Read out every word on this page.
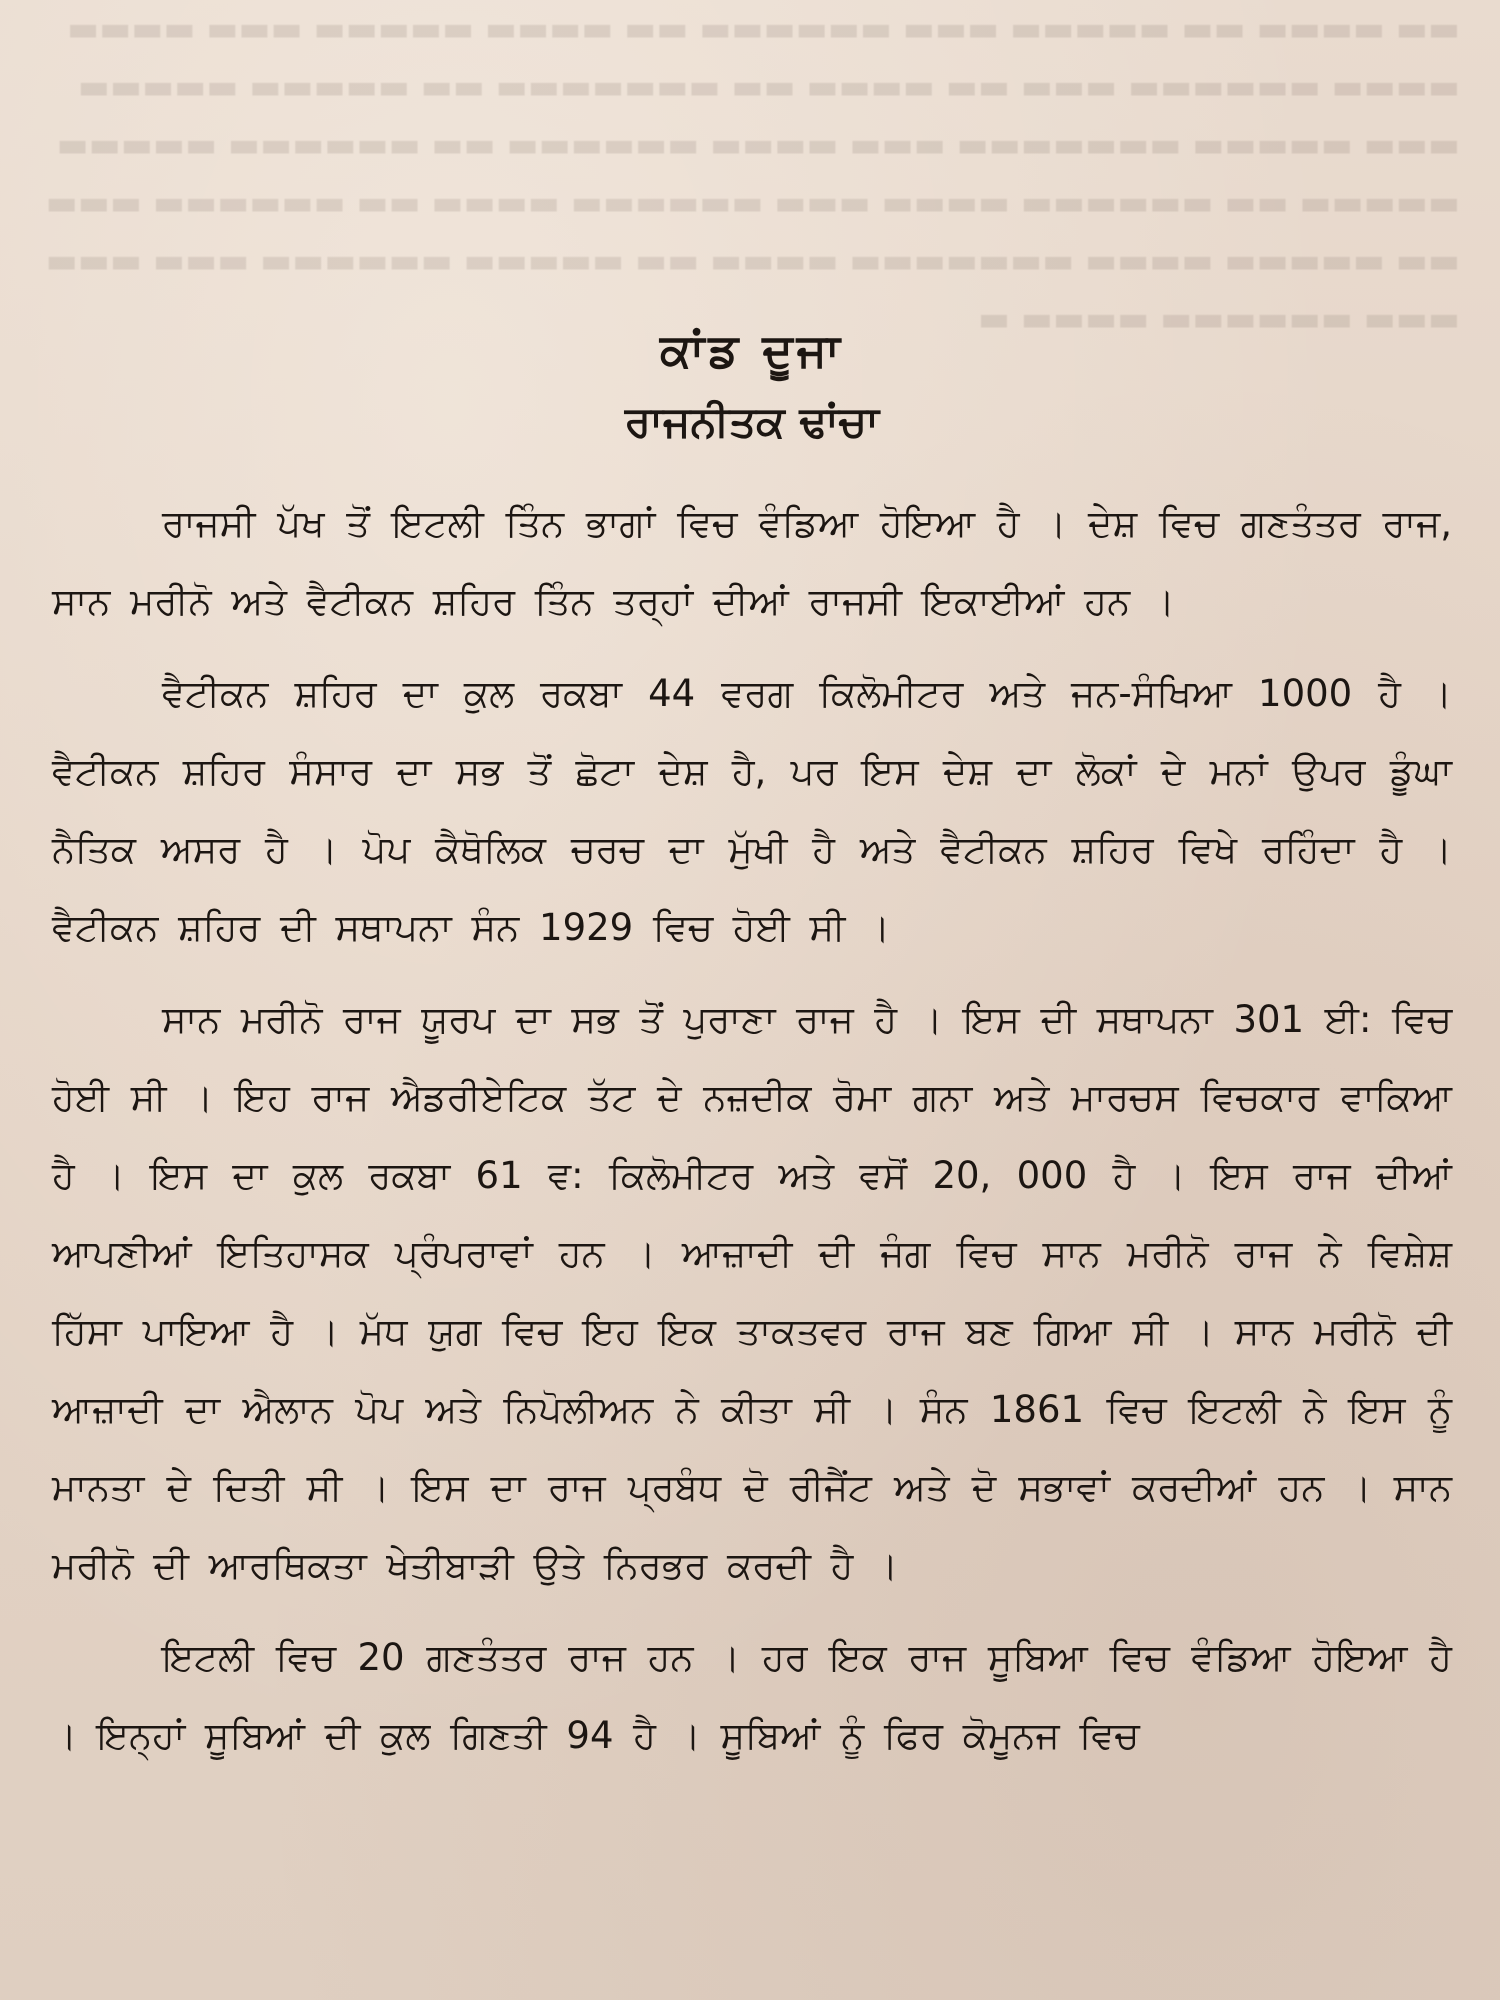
▬▬ ▬▬▬▬ ▬▬ ▬▬▬▬▬ ▬▬▬ ▬▬▬▬▬▬ ▬▬ ▬▬▬▬ ▬▬▬▬▬ ▬▬▬ ▬▬▬▬
▬▬▬▬ ▬▬▬▬▬▬ ▬▬▬ ▬▬ ▬▬▬▬ ▬▬ ▬▬▬▬▬▬▬ ▬▬ ▬▬▬▬▬ ▬▬▬▬▬
▬▬▬ ▬▬▬▬▬ ▬▬▬▬▬▬▬ ▬▬▬ ▬▬▬▬ ▬▬▬▬▬▬ ▬▬ ▬▬▬▬▬▬ ▬▬▬▬▬
▬▬▬▬▬ ▬▬ ▬▬▬▬▬▬ ▬▬▬▬ ▬▬▬ ▬▬▬▬▬▬ ▬▬▬▬ ▬▬ ▬▬▬▬▬▬ ▬▬▬
▬▬ ▬▬▬▬▬ ▬▬▬▬ ▬▬▬▬▬▬▬ ▬▬▬▬ ▬▬ ▬▬▬▬▬ ▬▬▬▬▬▬ ▬▬▬ ▬▬▬
▬▬▬ ▬▬▬▬▬▬ ▬▬▬▬ ▬
ਕਾਂਡ ਦੂਜਾ
ਰਾਜਨੀਤਕ ਢਾਂਚਾ

ਰਾਜਸੀ ਪੱਖ ਤੋਂ ਇਟਲੀ ਤਿੰਨ ਭਾਗਾਂ ਵਿਚ ਵੰਡਿਆ ਹੋਇਆ ਹੈ । ਦੇਸ਼ ਵਿਚ ਗਣਤੰਤਰ ਰਾਜ, ਸਾਨ ਮਰੀਨੋ ਅਤੇ ਵੈਟੀਕਨ ਸ਼ਹਿਰ ਤਿੰਨ ਤਰ੍ਹਾਂ ਦੀਆਂ ਰਾਜਸੀ ਇਕਾਈਆਂ ਹਨ ।

ਵੈਟੀਕਨ ਸ਼ਹਿਰ ਦਾ ਕੁਲ ਰਕਬਾ 44 ਵਰਗ ਕਿਲੋਮੀਟਰ ਅਤੇ ਜਨ-ਸੰਖਿਆ 1000 ਹੈ । ਵੈਟੀਕਨ ਸ਼ਹਿਰ ਸੰਸਾਰ ਦਾ ਸਭ ਤੋਂ ਛੋਟਾ ਦੇਸ਼ ਹੈ, ਪਰ ਇਸ ਦੇਸ਼ ਦਾ ਲੋਕਾਂ ਦੇ ਮਨਾਂ ਉਪਰ ਡੂੰਘਾ ਨੈਤਿਕ ਅਸਰ ਹੈ । ਪੋਪ ਕੈਥੋਲਿਕ ਚਰਚ ਦਾ ਮੁੱਖੀ ਹੈ ਅਤੇ ਵੈਟੀਕਨ ਸ਼ਹਿਰ ਵਿਖੇ ਰਹਿੰਦਾ ਹੈ । ਵੈਟੀਕਨ ਸ਼ਹਿਰ ਦੀ ਸਥਾਪਨਾ ਸੰਨ 1929 ਵਿਚ ਹੋਈ ਸੀ ।

ਸਾਨ ਮਰੀਨੋ ਰਾਜ ਯੂਰਪ ਦਾ ਸਭ ਤੋਂ ਪੁਰਾਣਾ ਰਾਜ ਹੈ । ਇਸ ਦੀ ਸਥਾਪਨਾ 301 ਈ: ਵਿਚ ਹੋਈ ਸੀ । ਇਹ ਰਾਜ ਐਡਰੀਏਟਿਕ ਤੱਟ ਦੇ ਨਜ਼ਦੀਕ ਰੋਮਾ ਗਨਾ ਅਤੇ ਮਾਰਚਸ ਵਿਚਕਾਰ ਵਾਕਿਆ ਹੈ । ਇਸ ਦਾ ਕੁਲ ਰਕਬਾ 61 ਵ: ਕਿਲੋਮੀਟਰ ਅਤੇ ਵਸੋਂ 20, 000 ਹੈ । ਇਸ ਰਾਜ ਦੀਆਂ ਆਪਣੀਆਂ ਇਤਿਹਾਸਕ ਪ੍ਰੰਪਰਾਵਾਂ ਹਨ । ਆਜ਼ਾਦੀ ਦੀ ਜੰਗ ਵਿਚ ਸਾਨ ਮਰੀਨੋ ਰਾਜ ਨੇ ਵਿਸ਼ੇਸ਼ ਹਿੱਸਾ ਪਾਇਆ ਹੈ । ਮੱਧ ਯੁਗ ਵਿਚ ਇਹ ਇਕ ਤਾਕਤਵਰ ਰਾਜ ਬਣ ਗਿਆ ਸੀ । ਸਾਨ ਮਰੀਨੋ ਦੀ ਆਜ਼ਾਦੀ ਦਾ ਐਲਾਨ ਪੋਪ ਅਤੇ ਨਿਪੋਲੀਅਨ ਨੇ ਕੀਤਾ ਸੀ । ਸੰਨ 1861 ਵਿਚ ਇਟਲੀ ਨੇ ਇਸ ਨੂੰ ਮਾਨਤਾ ਦੇ ਦਿਤੀ ਸੀ । ਇਸ ਦਾ ਰਾਜ ਪ੍ਰਬੰਧ ਦੋ ਰੀਜੈਂਟ ਅਤੇ ਦੋ ਸਭਾਵਾਂ ਕਰਦੀਆਂ ਹਨ । ਸਾਨ ਮਰੀਨੋ ਦੀ ਆਰਥਿਕਤਾ ਖੇਤੀਬਾੜੀ ਉਤੇ ਨਿਰਭਰ ਕਰਦੀ ਹੈ ।

ਇਟਲੀ ਵਿਚ 20 ਗਣਤੰਤਰ ਰਾਜ ਹਨ । ਹਰ ਇਕ ਰਾਜ ਸੂਬਿਆ ਵਿਚ ਵੰਡਿਆ ਹੋਇਆ ਹੈ । ਇਨ੍ਹਾਂ ਸੂਬਿਆਂ ਦੀ ਕੁਲ ਗਿਣਤੀ 94 ਹੈ । ਸੂਬਿਆਂ ਨੂੰ ਫਿਰ ਕੋਮੂਨਜ ਵਿਚ
